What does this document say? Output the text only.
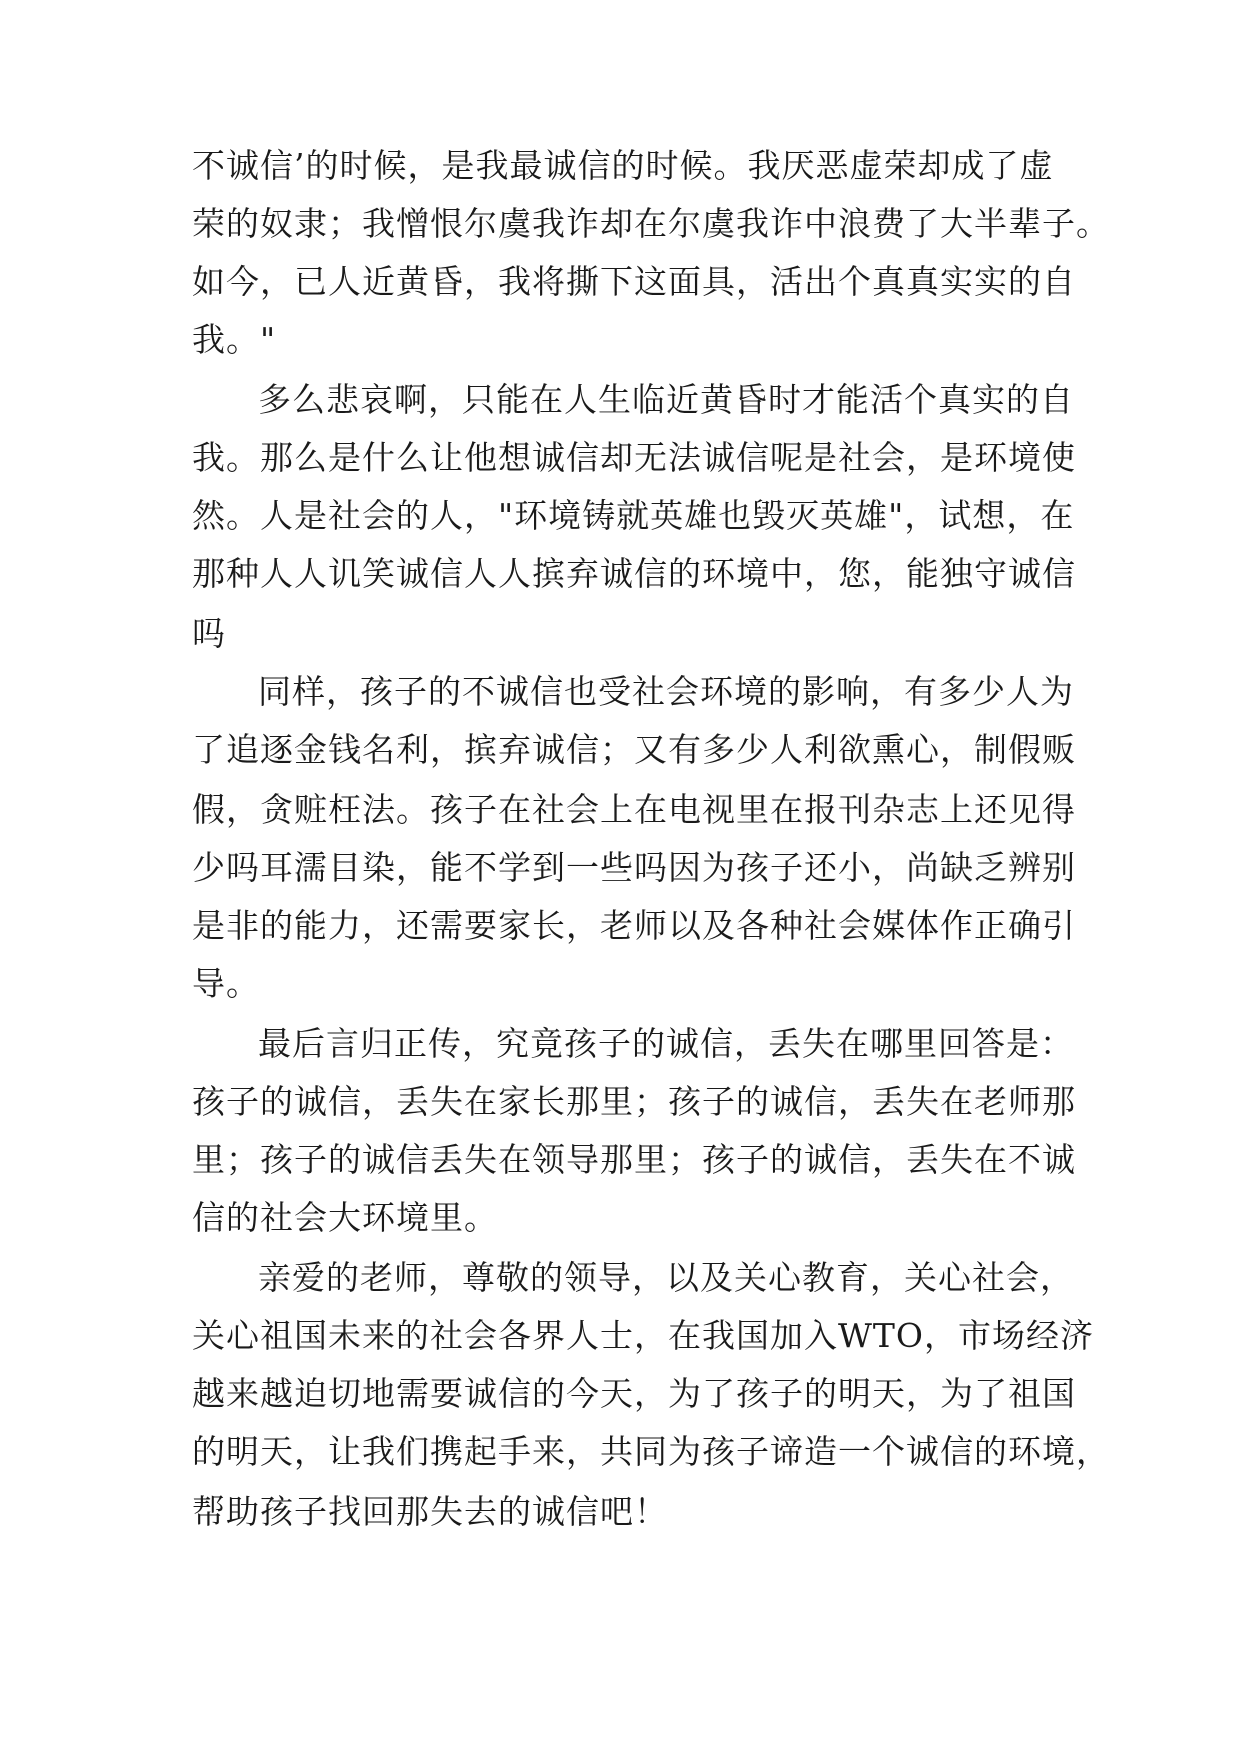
不诚信’的时候，是我最诚信的时候。我厌恶虚荣却成了虚

荣的奴隶；我憎恨尔虞我诈却在尔虞我诈中浪费了大半辈子。

如今，已人近黄昏，我将撕下这面具，活出个真真实实的自

我。"

多么悲哀啊，只能在人生临近黄昏时才能活个真实的自

我。那么是什么让他想诚信却无法诚信呢是社会，是环境使

然。人是社会的人，"环境铸就英雄也毁灭英雄"，试想，在

那种人人讥笑诚信人人摈弃诚信的环境中，您，能独守诚信

吗

同样，孩子的不诚信也受社会环境的影响，有多少人为

了追逐金钱名利，摈弃诚信；又有多少人利欲熏心，制假贩

假，贪赃枉法。孩子在社会上在电视里在报刊杂志上还见得

少吗耳濡目染，能不学到一些吗因为孩子还小，尚缺乏辨别

是非的能力，还需要家长，老师以及各种社会媒体作正确引

导。

最后言归正传，究竟孩子的诚信，丢失在哪里回答是：

孩子的诚信，丢失在家长那里；孩子的诚信，丢失在老师那

里；孩子的诚信丢失在领导那里；孩子的诚信，丢失在不诚

信的社会大环境里。

亲爱的老师，尊敬的领导，以及关心教育，关心社会，

关心祖国未来的社会各界人士，在我国加入WTO，市场经济

越来越迫切地需要诚信的今天，为了孩子的明天，为了祖国

的明天，让我们携起手来，共同为孩子谛造一个诚信的环境，

帮助孩子找回那失去的诚信吧！
